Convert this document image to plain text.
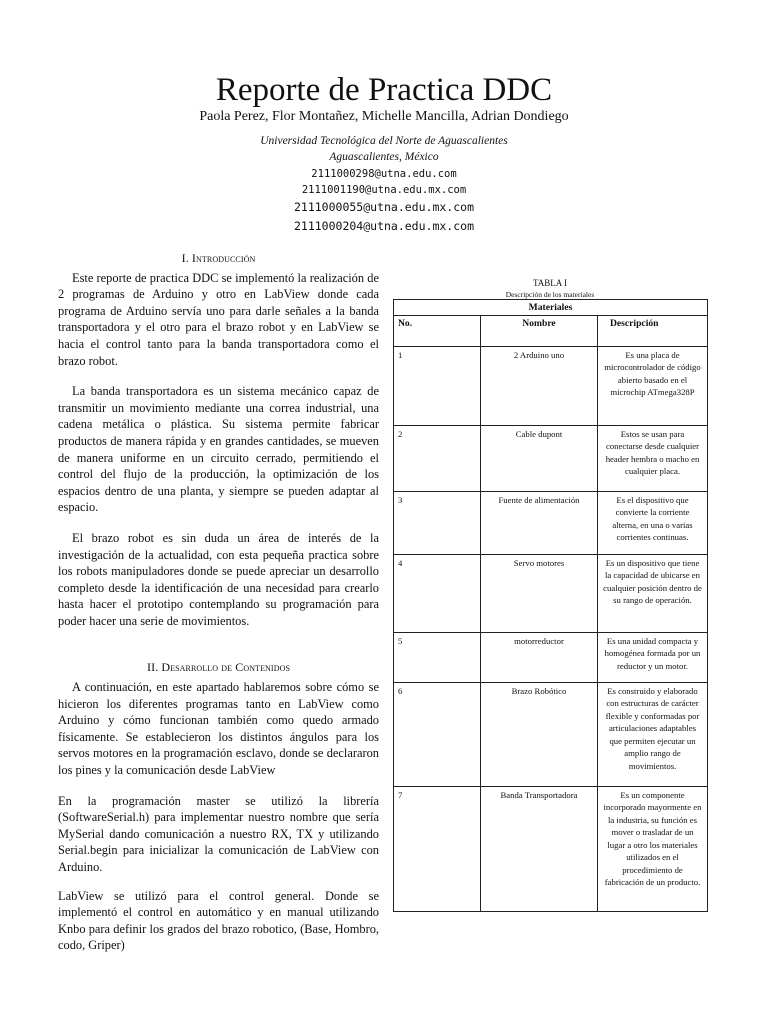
Reporte de Practica DDC
Paola Perez, Flor Montañez, Michelle Mancilla, Adrian Dondiego
Universidad Tecnológica del Norte de Aguascalientes
Aguascalientes, México
2111000298@utna.edu.com
2111001190@utna.edu.mx.com
2111000055@utna.edu.mx.com
2111000204@utna.edu.mx.com
I. Introducción

Este reporte de practica DDC se implementó la realización de 2 programas de Arduino y otro en LabView donde cada programa de Arduino servía uno para darle señales a la banda transportadora y el otro para el brazo robot y en LabView se hacia el control tanto para la banda transportadora como el brazo robot.

La banda transportadora es un sistema mecánico capaz de transmitir un movimiento mediante una correa industrial, una cadena metálica o plástica. Su sistema permite fabricar productos de manera rápida y en grandes cantidades, se mueven de manera uniforme en un circuito cerrado, permitiendo el control del flujo de la producción, la optimización de los espacios dentro de una planta, y siempre se pueden adaptar al espacio.

El brazo robot es sin duda un área de interés de la investigación de la actualidad, con esta pequeña practica sobre los robots manipuladores donde se puede apreciar un desarrollo completo desde la identificación de una necesidad para crearlo hasta hacer el prototipo contemplando su programación para poder hacer una serie de movimientos.

II. Desarrollo de Contenidos

A continuación, en este apartado hablaremos sobre cómo se hicieron los diferentes programas tanto en LabView como Arduino y cómo funcionan también como quedo armado físicamente. Se establecieron los distintos ángulos para los servos motores en la programación esclavo, donde se declararon los pines y la comunicación desde LabView

En la programación master se utilizó la librería (SoftwareSerial.h) para implementar nuestro nombre que sería MySerial dando comunicación a nuestro RX, TX y utilizando Serial.begin para inicializar la comunicación de LabView con Arduino.

LabView se utilizó para el control general. Donde se implementó el control en automático y en manual utilizando Knbo para definir los grados del brazo robotico, (Base, Hombro, codo, Griper)

TABLA I
Descripción de los materiales
Materiales		
No.	Nombre	Descripción
1	2 Arduino uno	Es una placa de microcontrolador de código abierto basado en el microchip ATmega328P
2	Cable dupont	Estos se usan para conectarse desde cualquier header hembra o macho en cualquier placa.
3	Fuente de alimentación	Es el dispositivo que convierte la corriente alterna, en una o varias corrientes continuas.
4	Servo motores	Es un dispositivo que tiene la capacidad de ubicarse en cualquier posición dentro de su rango de operación.
5	motorreductor	Es una unidad compacta y homogénea formada por un reductor y un motor.
6	Brazo Robótico	Es construido y elaborado con estructuras de carácter flexible y conformadas por articulaciones adaptables que permiten ejecutar un amplio rango de movimientos.
7	Banda Transportadora	Es un componente incorporado mayormente en la industria, su función es mover o trasladar de un lugar a otro los materiales utilizados en el procedimiento de fabricación de un producto.
